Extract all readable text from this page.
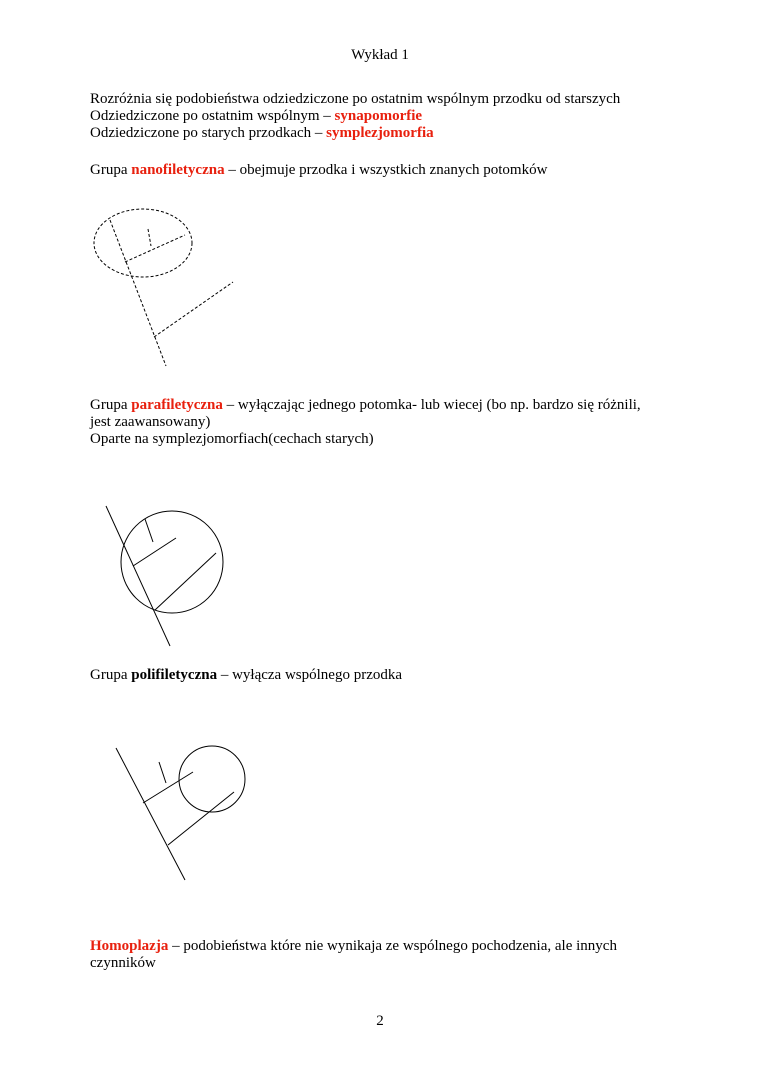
Wykład 1
Rozróżnia się podobieństwa odziedziczone po ostatnim wspólnym przodku od starszych
Odziedziczone po ostatnim wspólnym – synapomorfie
Odziedziczone po starych przodkach – symplezjomorfia
Grupa nanofiletyczna – obejmuje przodka i wszystkich znanych potomków
Grupa parafiletyczna – wyłączając jednego potomka- lub wiecej (bo np. bardzo się różnili,
jest zaawansowany)
Oparte na symplezjomorfiach(cechach starych)
Grupa polifiletyczna – wyłącza wspólnego przodka
Homoplazja – podobieństwa które nie wynikaja ze wspólnego pochodzenia, ale innych
czynników
2
